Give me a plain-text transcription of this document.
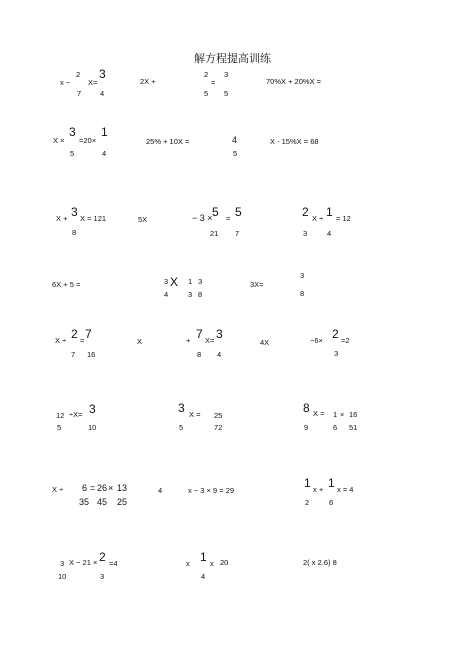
解方程提高训练
x −
2
X=
3
7	4
2X +
2
=
3
5 5
70%X + 20%X =
X ×
3
=20×
1
5	4
25% + 10X =	4
5
X - 15%X = 68
X + 3 X = 121
8
5X	− 3 × 5 = 5
21 7
2 X ÷ 1 = 12
3	4
6X + 5 =	3 X 1 3
4	3 8
3X=
3
8
X ÷ 2 = 7
7 16
X	+ 7 X= 3
8 4
4X	−6× 2 =2
3
12 ÷X= 3
5	10
3 X = 25
5	72
8 X = 1 × 16
9	6 51
X ÷ 6 = 26 × 13
35 45 25
4	x − 3 × 9 = 29
1 x + 1 x = 4
2	6
3 X − 21 × 2 =4
10	3
x 1 x 20
4
2( x 2.6) 8
